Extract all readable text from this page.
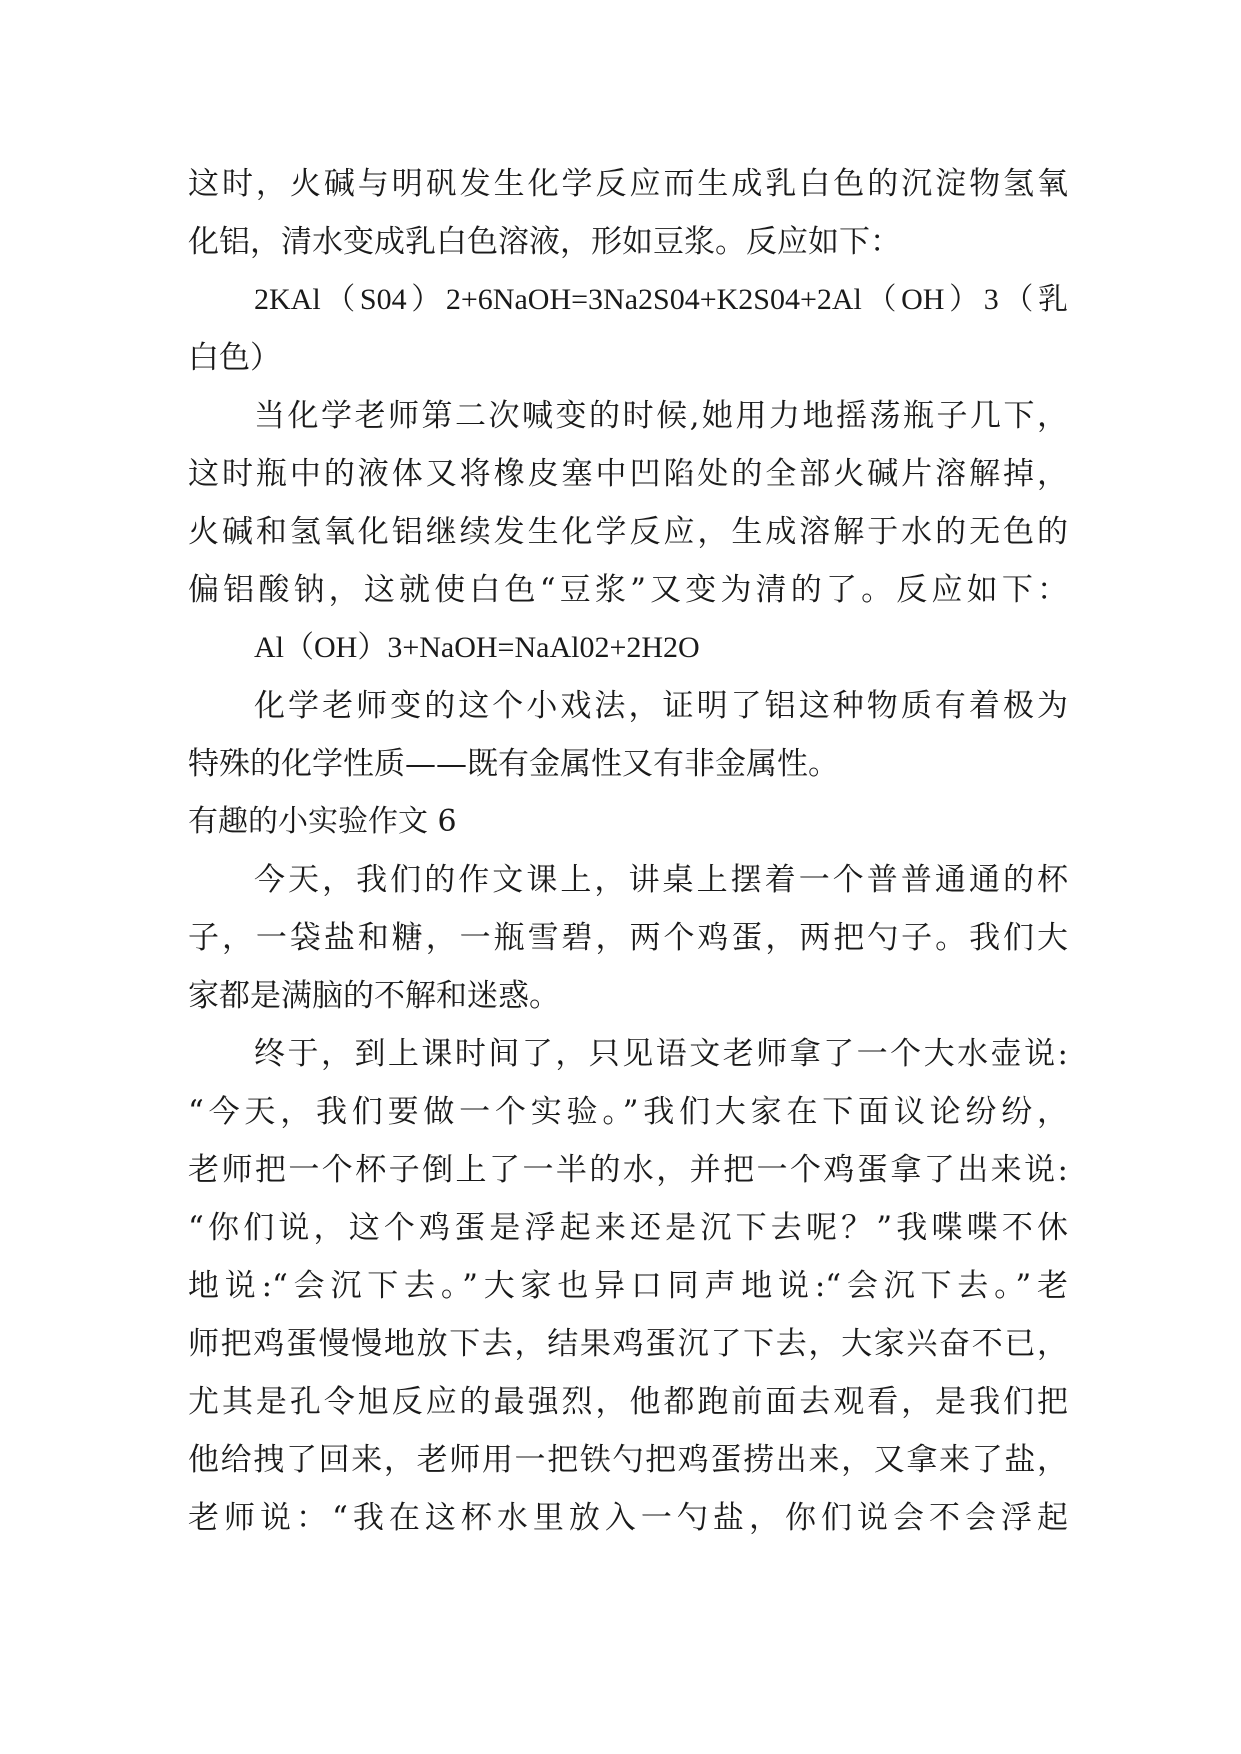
这时，火碱与明矾发生化学反应而生成乳白色的沉淀物氢氧
化铝，清水变成乳白色溶液，形如豆浆。反应如下：
2KAl（S04）2+6NaOH=3Na2S04+K2S04+2Al（OH）3（乳
白色）
当化学老师第二次喊变的时候,她用力地摇荡瓶子几下，
这时瓶中的液体又将橡皮塞中凹陷处的全部火碱片溶解掉，
火碱和氢氧化铝继续发生化学反应，生成溶解于水的无色的
偏铝酸钠，这就使白色“豆浆”又变为清的了。反应如下：
Al（OH）3+NaOH=NaAl02+2H2O
化学老师变的这个小戏法，证明了铝这种物质有着极为
特殊的化学性质——既有金属性又有非金属性。
有趣的小实验作文 6
今天，我们的作文课上，讲桌上摆着一个普普通通的杯
子，一袋盐和糖，一瓶雪碧，两个鸡蛋，两把勺子。我们大
家都是满脑的不解和迷惑。
终于，到上课时间了，只见语文老师拿了一个大水壶说:
“今天，我们要做一个实验。”我们大家在下面议论纷纷，
老师把一个杯子倒上了一半的水，并把一个鸡蛋拿了出来说:
“你们说，这个鸡蛋是浮起来还是沉下去呢？”我喋喋不休
地说:“会沉下去。”大家也异口同声地说:“会沉下去。”老
师把鸡蛋慢慢地放下去，结果鸡蛋沉了下去，大家兴奋不已，
尤其是孔令旭反应的最强烈，他都跑前面去观看，是我们把
他给拽了回来，老师用一把铁勺把鸡蛋捞出来，又拿来了盐，
老师说：“我在这杯水里放入一勺盐，你们说会不会浮起
